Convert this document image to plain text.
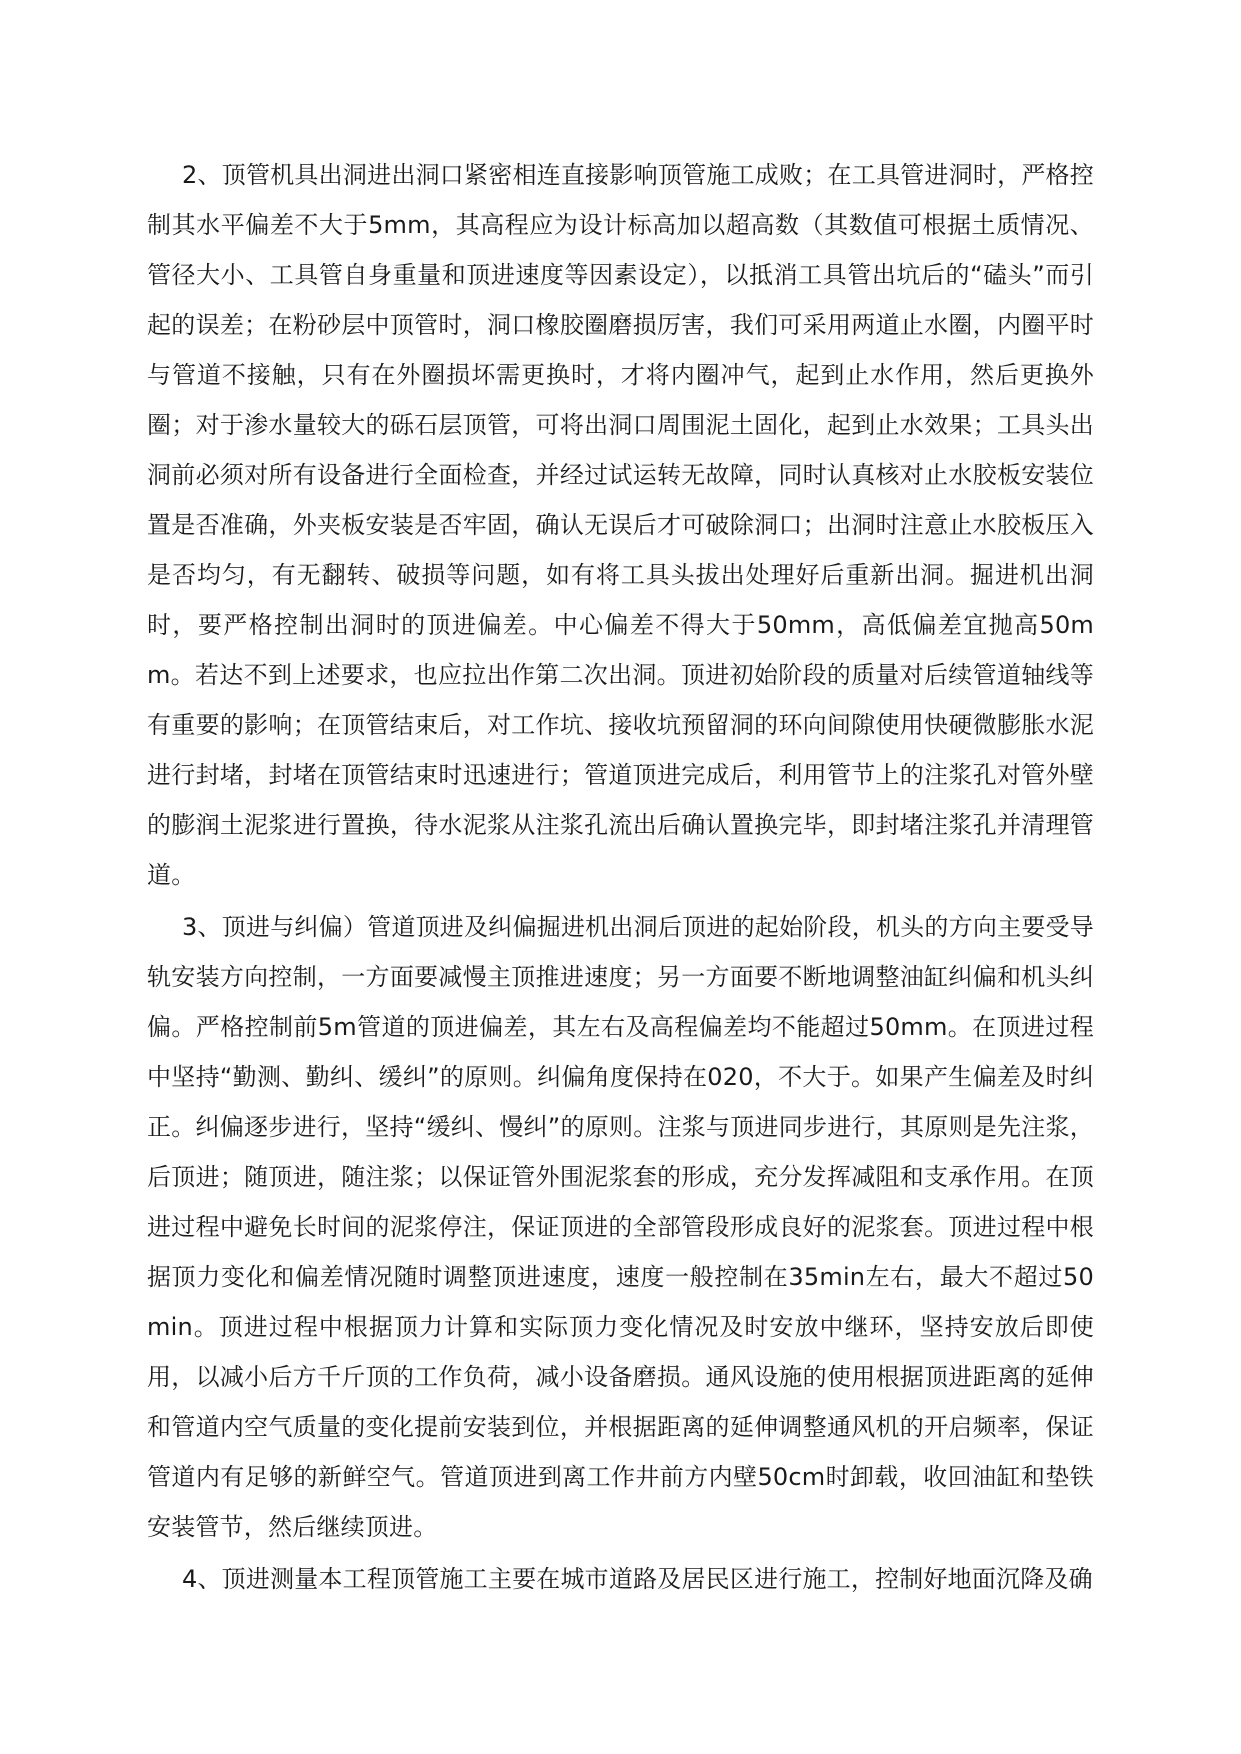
2、顶管机具出洞进出洞口紧密相连直接影响顶管施工成败；在工具管进洞时，严格控制其水平偏差不大于5mm，其高程应为设计标高加以超高数（其数值可根据土质情况、管径大小、工具管自身重量和顶进速度等因素设定），以抵消工具管出坑后的“磕头”而引起的误差；在粉砂层中顶管时，洞口橡胶圈磨损厉害，我们可采用两道止水圈，内圈平时与管道不接触，只有在外圈损坏需更换时，才将内圈冲气，起到止水作用，然后更换外圈；对于渗水量较大的砾石层顶管，可将出洞口周围泥土固化，起到止水效果；工具头出洞前必须对所有设备进行全面检查，并经过试运转无故障，同时认真核对止水胶板安装位置是否准确，外夹板安装是否牢固，确认无误后才可破除洞口；出洞时注意止水胶板压入是否均匀，有无翻转、破损等问题，如有将工具头拔出处理好后重新出洞。掘进机出洞时，要严格控制出洞时的顶进偏差。中心偏差不得大于50mm，高低偏差宜抛高50mm。若达不到上述要求，也应拉出作第二次出洞。顶进初始阶段的质量对后续管道轴线等有重要的影响；在顶管结束后，对工作坑、接收坑预留洞的环向间隙使用快硬微膨胀水泥进行封堵，封堵在顶管结束时迅速进行；管道顶进完成后，利用管节上的注浆孔对管外壁的膨润土泥浆进行置换，待水泥浆从注浆孔流出后确认置换完毕，即封堵注浆孔并清理管道。

3、顶进与纠偏）管道顶进及纠偏掘进机出洞后顶进的起始阶段，机头的方向主要受导轨安装方向控制，一方面要减慢主顶推进速度；另一方面要不断地调整油缸纠偏和机头纠偏。严格控制前5m管道的顶进偏差，其左右及高程偏差均不能超过50mm。在顶进过程中坚持“勤测、勤纠、缓纠”的原则。纠偏角度保持在020，不大于。如果产生偏差及时纠正。纠偏逐步进行，坚持“缓纠、慢纠”的原则。注浆与顶进同步进行，其原则是先注浆，后顶进；随顶进，随注浆；以保证管外围泥浆套的形成，充分发挥减阻和支承作用。在顶进过程中避免长时间的泥浆停注，保证顶进的全部管段形成良好的泥浆套。顶进过程中根据顶力变化和偏差情况随时调整顶进速度，速度一般控制在35min左右，最大不超过50min。顶进过程中根据顶力计算和实际顶力变化情况及时安放中继环，坚持安放后即使用，以减小后方千斤顶的工作负荷，减小设备磨损。通风设施的使用根据顶进距离的延伸和管道内空气质量的变化提前安装到位，并根据距离的延伸调整通风机的开启频率，保证管道内有足够的新鲜空气。管道顶进到离工作井前方内壁50cm时卸载，收回油缸和垫铁安装管节，然后继续顶进。

4、顶进测量本工程顶管施工主要在城市道路及居民区进行施工，控制好地面沉降及确
